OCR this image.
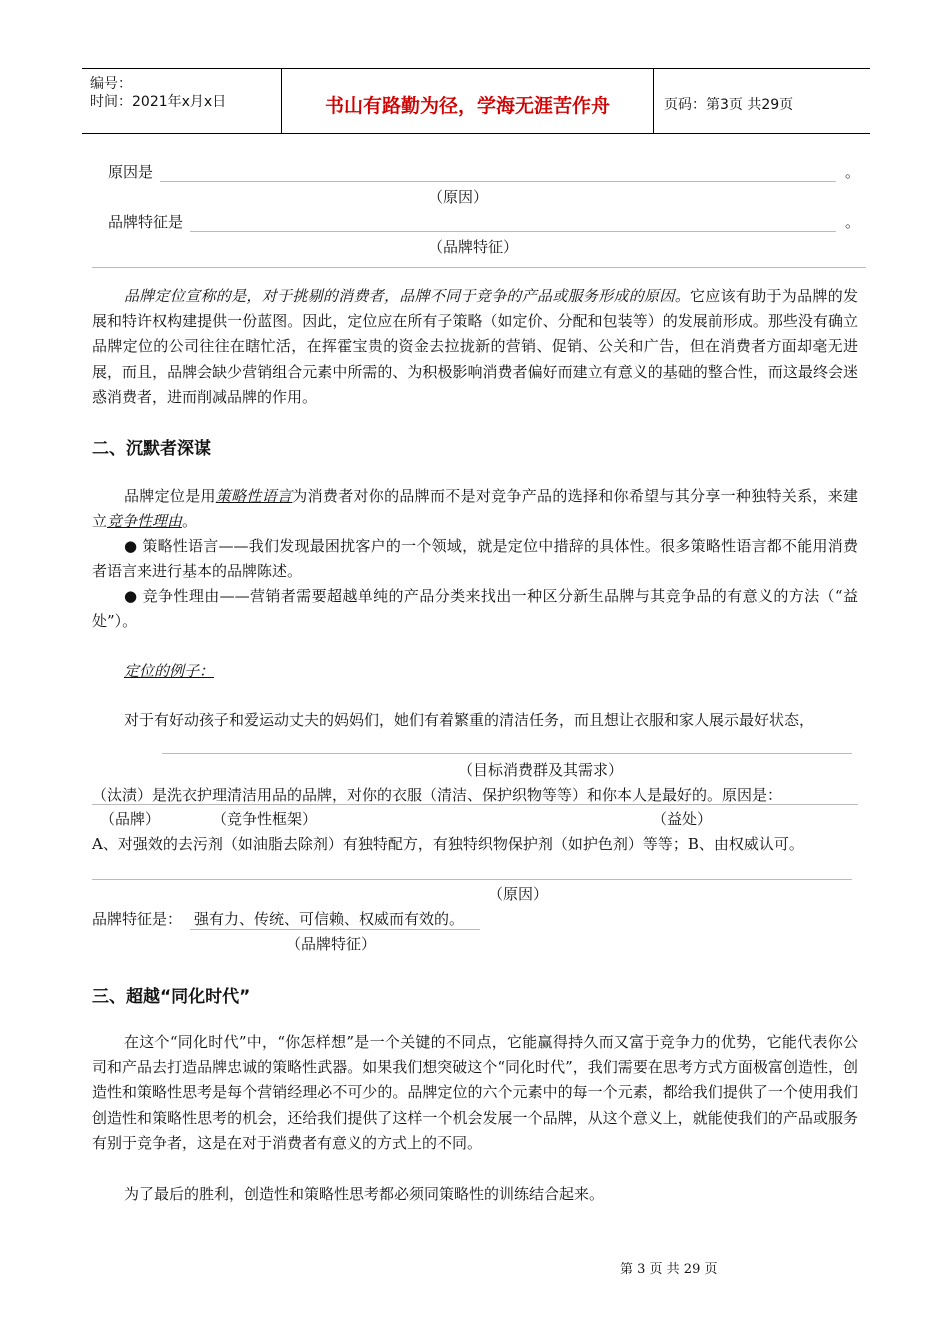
编号：
时间：2021年x月x日	书山有路勤为径，学海无涯苦作舟	页码：第3页 共29页
原因是	。
（原因）
品牌特征是	。
（品牌特征）
品牌定位宣称的是，对于挑剔的消费者，品牌不同于竞争的产品或服务形成的原因。它应该有助于为品牌的发展和特许权构建提供一份蓝图。因此，定位应在所有子策略（如定价、分配和包装等）的发展前形成。那些没有确立品牌定位的公司往往在瞎忙活，在挥霍宝贵的资金去拉拢新的营销、促销、公关和广告，但在消费者方面却毫无进展，而且，品牌会缺少营销组合元素中所需的、为积极影响消费者偏好而建立有意义的基础的整合性，而这最终会迷惑消费者，进而削减品牌的作用。
二、沉默者深谋
品牌定位是用策略性语言为消费者对你的品牌而不是对竞争产品的选择和你希望与其分享一种独特关系，来建立竞争性理由。
● 策略性语言——我们发现最困扰客户的一个领域，就是定位中措辞的具体性。很多策略性语言都不能用消费者语言来进行基本的品牌陈述。
● 竞争性理由——营销者需要超越单纯的产品分类来找出一种区分新生品牌与其竞争品的有意义的方法（“益处”）。
定位的例子：
对于有好动孩子和爱运动丈夫的妈妈们，她们有着繁重的清洁任务，而且想让衣服和家人展示最好状态，
（目标消费群及其需求）
（汰渍）是洗衣护理清洁用品的品牌，对你的衣服（清洁、保护织物等等）和你本人是最好的。原因是：
（品牌）	（竞争性框架）	（益处）
A、对强效的去污剂（如油脂去除剂）有独特配方，有独特织物保护剂（如护色剂）等等；B、由权威认可。
（原因）
品牌特征是： 强有力、传统、可信赖、权威而有效的。
（品牌特征）
三、超越“同化时代”
在这个“同化时代”中，“你怎样想”是一个关键的不同点，它能赢得持久而又富于竞争力的优势，它能代表你公司和产品去打造品牌忠诚的策略性武器。如果我们想突破这个“同化时代”，我们需要在思考方式方面极富创造性，创造性和策略性思考是每个营销经理必不可少的。品牌定位的六个元素中的每一个元素，都给我们提供了一个使用我们创造性和策略性思考的机会，还给我们提供了这样一个机会发展一个品牌，从这个意义上，就能使我们的产品或服务有别于竞争者，这是在对于消费者有意义的方式上的不同。
为了最后的胜利，创造性和策略性思考都必须同策略性的训练结合起来。
第 3 页 共 29 页
